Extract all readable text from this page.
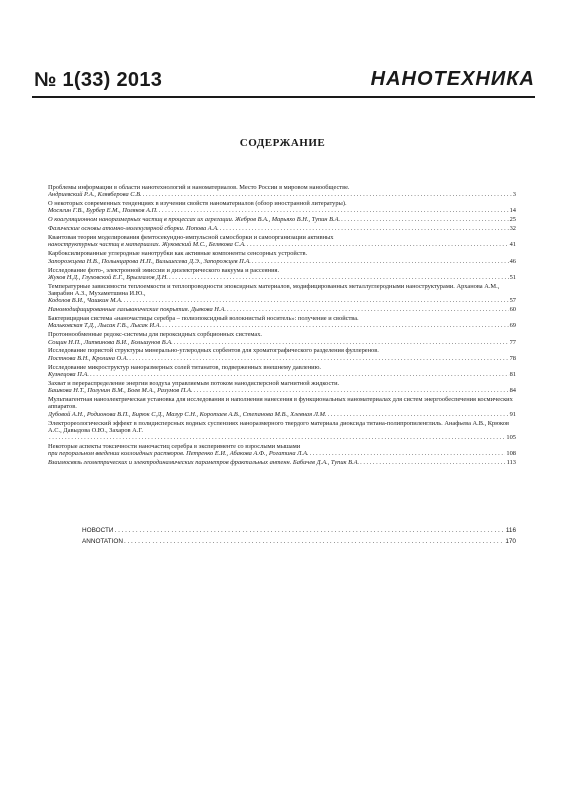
№ 1(33) 2013	НАНОТЕХНИКА
СОДЕРЖАНИЕ
Проблемы информации в области нанотехнологий и наноматериалов. Место России в мировом нанообществе.
Андриевский Р.А., Клявберова С.В. . . .	3
О некоторых современных тенденциях в изучении свойств наноматериалов (обзор иностранной литературы).
Мосягин Г.В., Бурбер Е.М., Поляков А.П. . . .	14
О коагуляционном наноразмерных частиц в процессах их агрегации. Жебров В.А., Марьяхо В.Н., Тупин В.А. . . .	25
Фазические основы атомно-молекулярной сборки. Попова А.А. . . .	32
Квантовая теория моделирования фемтосекундно-импульсной самосборки и самоорганизации активных
наноструктурных частиц в материалах. Жуковский М.С., Белякова С.А. . . .	41
Карбоксилированные углеродные нанотрубки как активные компоненты сенсорных устройств.
Запорожцева Н.В., Полынцарова Н.П., Вильшесева Д.Э., Запорожцев П.А. . . .	46
Исследование фото-, электронной эмиссии и диэлектрического вакуума и рассеяния.
Жуков Н.Д., Глуховской Е.Г., Брызгалов Д.Н. . . .	51
Температурные зависимости теплоемкости и теплопроводности эпоксидных материалов, модифицированных металлуглеродными наноструктурами. Арханова А.М., Заврабин А.З., Мухаметшина И.Ю.,
Кодолов В.И., Чашкин М.А. . . .	57
Наномодифицированные гальванические покрытия. Дьякова Н.А. . . .	60
Бактерицидная система «наночастицы серебра – полиэпоксидный волокнистый носитель»: получение и свойства.
Мальковская Т.Д., Лысак Г.В., Лысак И.А. . . .	69
Протоннообменные редокс-системы для пероксидных сорбционных системах.
Сощин Н.П., Литвинова В.И., Большунов В.А. . . .	77
Исследование пористой структуры минерально-углеродных сорбентов для хроматографического разделения фуллеренов.
Постнова В.Н., Кролина О.А. . . .	78
Исследование микроструктур наноразмерных солей титанатов, подверженных внешнему давлению.
Кузнецова П.А. . . .	81
Захват и перераспределение энергии воздуха управляемым потоком нанодисперсной магнитной жидкости.
Башкова Н.Т., Полунин В.М., Боев М.А., Разумов П.А. . . .	84
Мультиагентная наноэлектрическая установка для исследования и наполнения нанесения в функциональных наноматериалах для систем энергообеспечения космических аппаратов.
Дубовой А.Н., Родионова В.П., Бирюк С.Д., Мазур С.Н., Коротаев А.В., Степанова М.В., Хлевная Л.М. . . .	91
Электрореологический эффект в полидисперсных водных суспензиях наноразмерного твердого материала диоксида титана-полипропиленглиль. Анафьева А.В., Крюков А.С., Давыдова О.Ю., Захаров А.Г.
. . .
105
Некоторые аспекты токсичности наночастиц серебра в эксперименте со взрослыми мышами
при пероральном введении коллоидных растворов. Петренко Е.И., Абакова А.Ф., Рогатина Л.А. . . .	108
Взаимосвязь геометрических и электродинамических параметров фрактальных антенн. Бабичев Д.А., Тупик В.А. . . .	113
НОВОСТИ . . .	116
ANNOTATION . . .	170
